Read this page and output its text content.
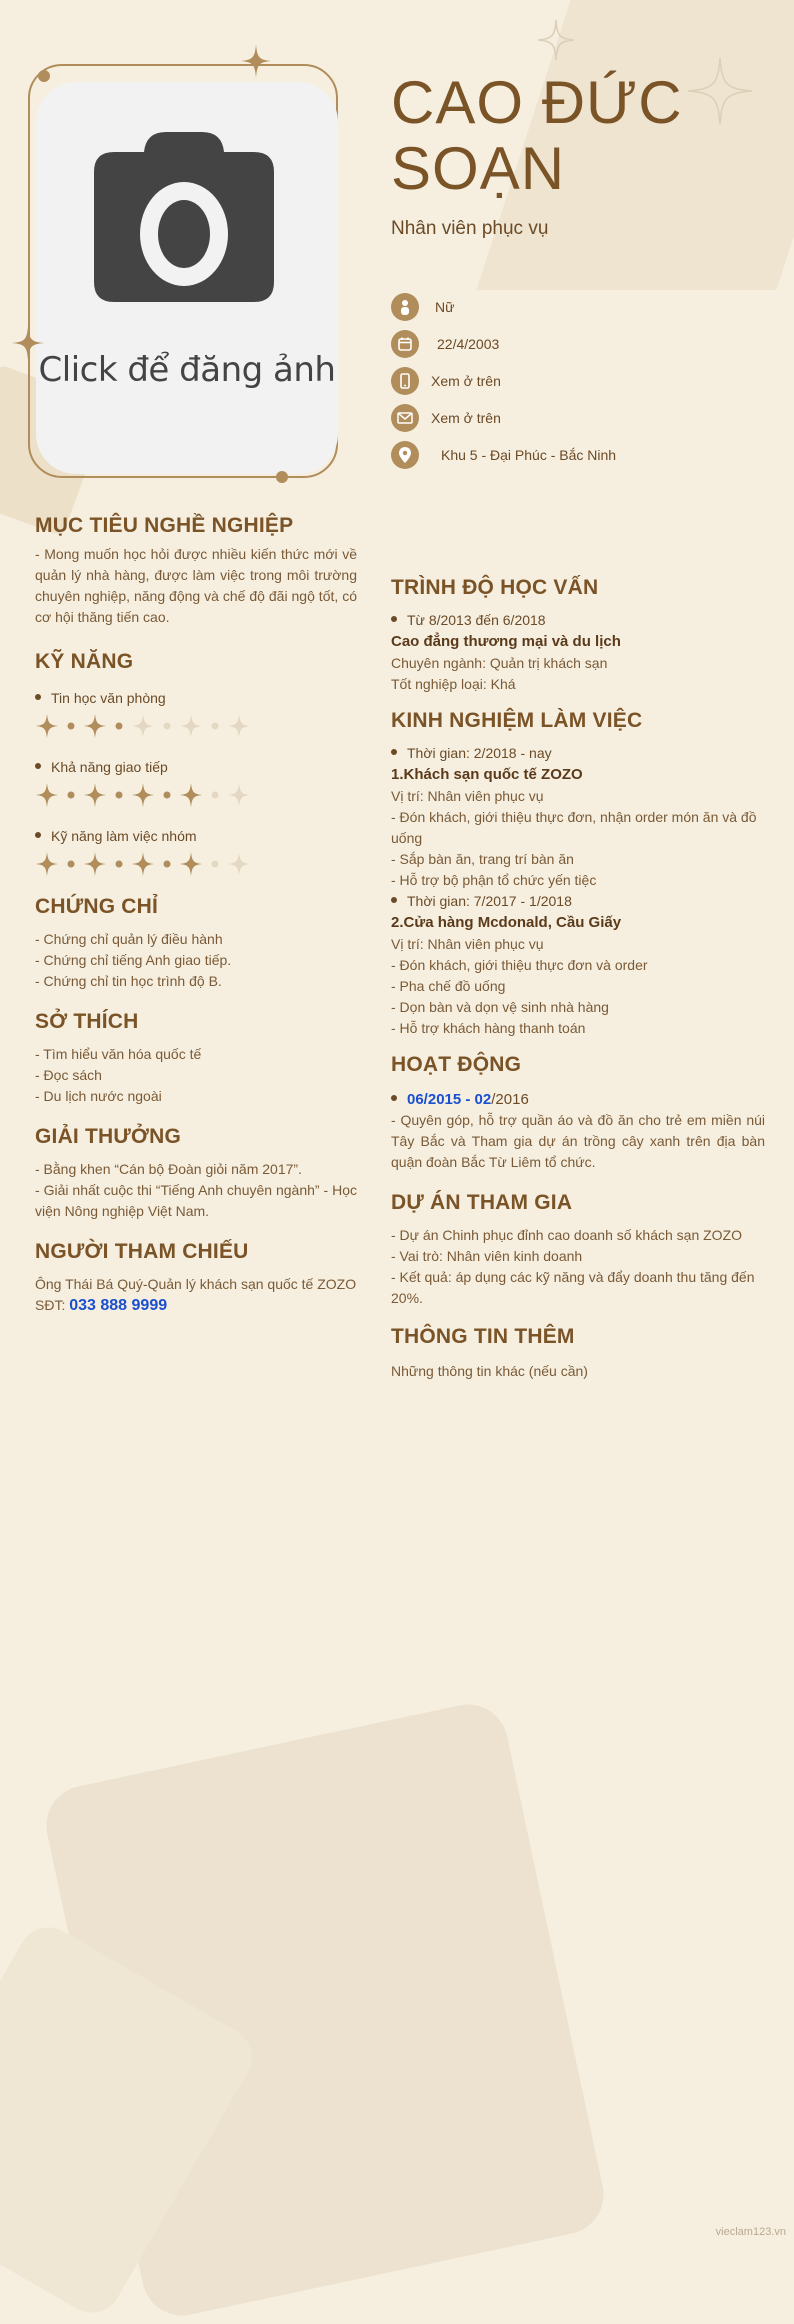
Click để đăng ảnh
CAO ĐỨC
SOẠN
Nhân viên phục vụ
Nữ
22/4/2003
Xem ở trên
Xem ở trên
Khu 5 - Đại Phúc - Bắc Ninh
MỤC TIÊU NGHỀ NGHIỆP
- Mong muốn học hỏi được nhiều kiến thức mới về quản lý nhà hàng, được làm việc trong môi trường chuyên nghiệp, năng động và chế độ đãi ngộ tốt, có cơ hội thăng tiến cao.
KỸ NĂNG
Tin học văn phòng
Khả năng giao tiếp
Kỹ năng làm việc nhóm
CHỨNG CHỈ
- Chứng chỉ quản lý điều hành
- Chứng chỉ tiếng Anh giao tiếp.
- Chứng chỉ tin học trình độ B.
SỞ THÍCH
- Tìm hiểu văn hóa quốc tế
- Đọc sách
- Du lịch nước ngoài
GIẢI THƯỞNG
- Bằng khen “Cán bộ Đoàn giỏi năm 2017”.
- Giải nhất cuộc thi “Tiếng Anh chuyên ngành” - Học viện Nông nghiệp Việt Nam.
NGƯỜI THAM CHIẾU
Ông Thái Bá Quý-Quản lý khách sạn quốc tế ZOZO
SĐT: 033 888 9999
TRÌNH ĐỘ HỌC VẤN
Từ 8/2013 đến 6/2018
Cao đẳng thương mại và du lịch
Chuyên ngành: Quản trị khách sạn
Tốt nghiệp loại: Khá
KINH NGHIỆM LÀM VIỆC
Thời gian: 2/2018 - nay
1.Khách sạn quốc tế ZOZO
Vị trí: Nhân viên phục vụ
- Đón khách, giới thiệu thực đơn, nhận order món ăn và đồ uống
- Sắp bàn ăn, trang trí bàn ăn
- Hỗ trợ bộ phận tổ chức yến tiệc
Thời gian: 7/2017 - 1/2018
2.Cửa hàng Mcdonald, Cầu Giấy
Vị trí: Nhân viên phục vụ
- Đón khách, giới thiệu thực đơn và order
- Pha chế đồ uống
- Dọn bàn và dọn vệ sinh nhà hàng
- Hỗ trợ khách hàng thanh toán
HOẠT ĐỘNG
06/2015 - 02/2016
- Quyên góp, hỗ trợ quần áo và đồ ăn cho trẻ em miền núi Tây Bắc và Tham gia dự án trồng cây xanh trên địa bàn quận đoàn Bắc Từ Liêm tổ chức.
DỰ ÁN THAM GIA
- Dự án Chinh phục đỉnh cao doanh số khách sạn ZOZO
- Vai trò: Nhân viên kinh doanh
- Kết quả: áp dụng các kỹ năng và đẩy doanh thu tăng đến 20%.
THÔNG TIN THÊM
Những thông tin khác (nếu cần)
vieclam123.vn
